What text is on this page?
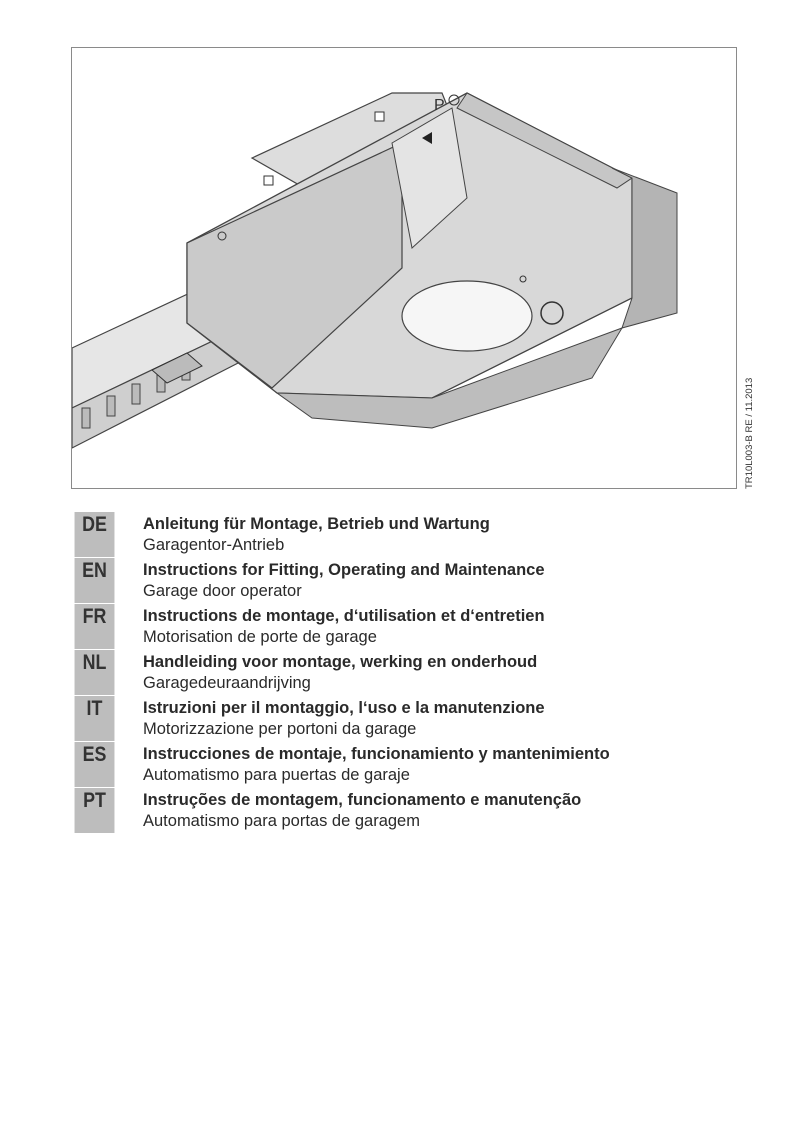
P
TR10L003-B RE / 11.2013
DE	Anleitung für Montage, Betrieb und Wartung
Garagentor-Antrieb
EN	Instructions for Fitting, Operating and Maintenance
Garage door operator
FR	Instructions de montage, d‘utilisation et d‘entretien
Motorisation de porte de garage
NL	Handleiding voor montage, werking en onderhoud
Garagedeuraandrijving
IT	Istruzioni per il montaggio, l‘uso e la manutenzione
Motorizzazione per portoni da garage
ES	Instrucciones de montaje, funcionamiento y mantenimiento
Automatismo para puertas de garaje
PT	Instruções de montagem, funcionamento e manutenção
Automatismo para portas de garagem
